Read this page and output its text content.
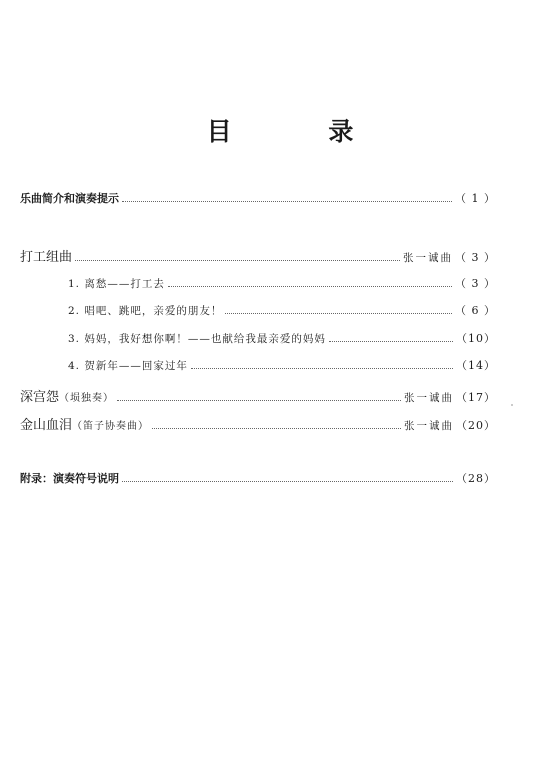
目 录
乐曲简介和演奏提示	（ 1 ）
打工组曲	张一诚曲 （ 3 ）
1. 离愁——打工去	（ 3 ）
2. 唱吧、跳吧，亲爱的朋友！	（ 6 ）
3. 妈妈，我好想你啊！——也献给我最亲爱的妈妈	（10）
4. 贺新年——回家过年	（14）
深宫怨 （埙独奏）	张一诚曲 （17）
金山血泪 （笛子协奏曲）	张一诚曲 （20）
附录：演奏符号说明	（28）
